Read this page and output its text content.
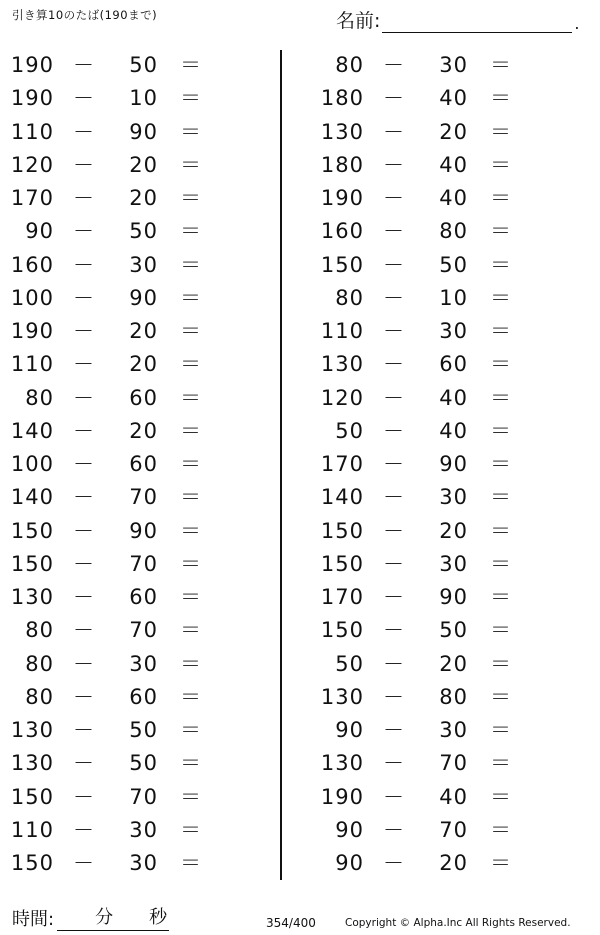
引き算10のたば(190まで)	名前:	.
190 －	50 ＝
190 －	10 ＝
110 －	90 ＝
120 －	20 ＝
170 －	20 ＝
90 －	50 ＝
160 －	30 ＝
100 －	90 ＝
190 －	20 ＝
110 －	20 ＝
80 －	60 ＝
140 －	20 ＝
100 －	60 ＝
140 －	70 ＝
150 －	90 ＝
150 －	70 ＝
130 －	60 ＝
80 －	70 ＝
80 －	30 ＝
80 －	60 ＝
130 －	50 ＝
130 －	50 ＝
150 －	70 ＝
110 －	30 ＝
150 －	30 ＝
80 －	30 ＝
180 －	40 ＝
130 －	20 ＝
180 －	40 ＝
190 －	40 ＝
160 －	80 ＝
150 －	50 ＝
80 －	10 ＝
110 －	30 ＝
130 －	60 ＝
120 －	40 ＝
50 －	40 ＝
170 －	90 ＝
140 －	30 ＝
150 －	20 ＝
150 －	30 ＝
170 －	90 ＝
150 －	50 ＝
50 －	20 ＝
130 －	80 ＝
90 －	30 ＝
130 －	70 ＝
190 －	40 ＝
90 －	70 ＝
90 －	20 ＝
時間: 分 秒	354/400	Copyright © Alpha.Inc All Rights Reserved.
